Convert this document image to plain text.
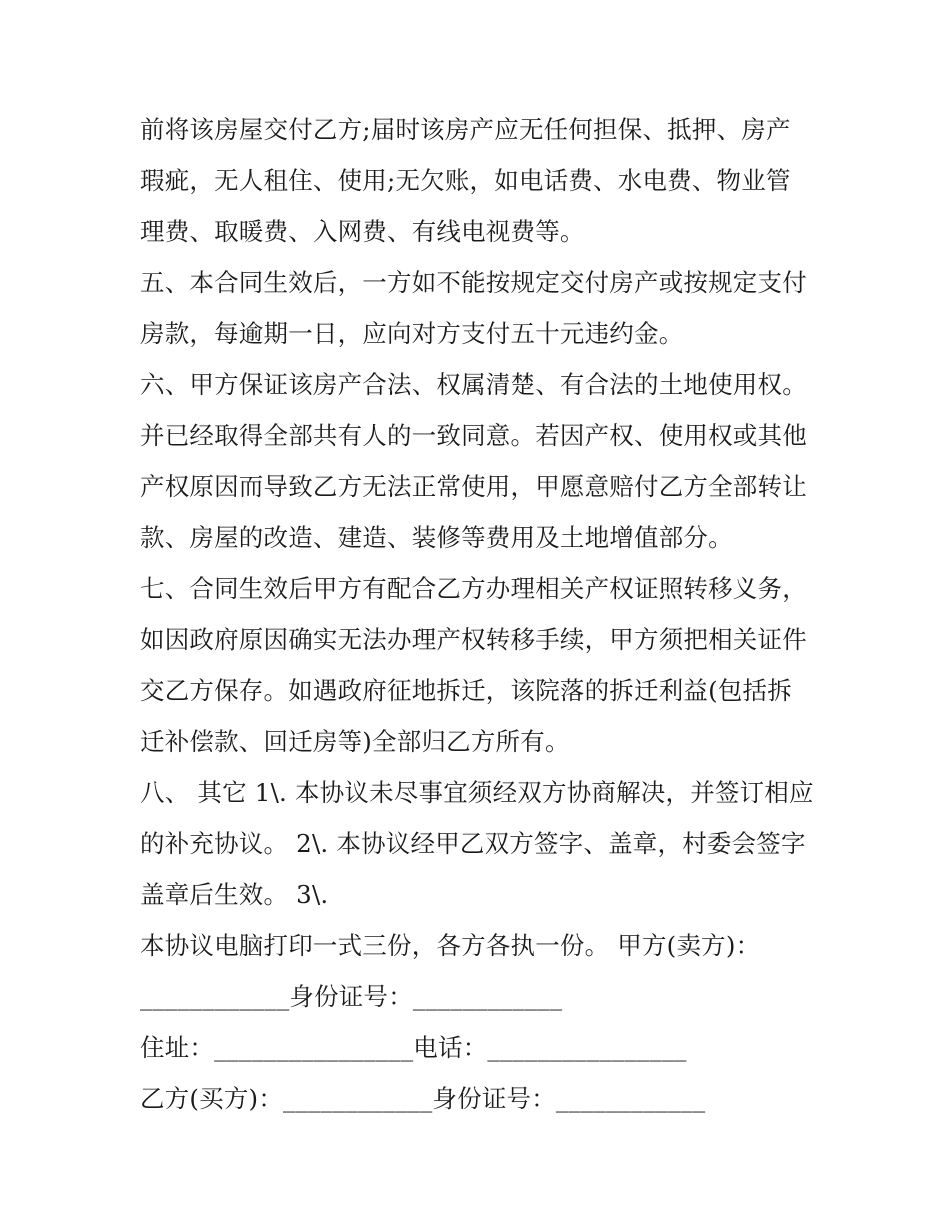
前将该房屋交付乙方;届时该房产应无任何担保、抵押、房产
瑕疵，无人租住、使用;无欠账，如电话费、水电费、物业管
理费、取暖费、入网费、有线电视费等。
五、本合同生效后，一方如不能按规定交付房产或按规定支付
房款，每逾期一日，应向对方支付五十元违约金。
六、甲方保证该房产合法、权属清楚、有合法的土地使用权。
并已经取得全部共有人的一致同意。若因产权、使用权或其他
产权原因而导致乙方无法正常使用，甲愿意赔付乙方全部转让
款、房屋的改造、建造、装修等费用及土地增值部分。
七、合同生效后甲方有配合乙方办理相关产权证照转移义务，
如因政府原因确实无法办理产权转移手续，甲方须把相关证件
交乙方保存。如遇政府征地拆迁，该院落的拆迁利益(包括拆
迁补偿款、回迁房等)全部归乙方所有。
八、 其它 1\. 本协议未尽事宜须经双方协商解决，并签订相应
的补充协议。 2\. 本协议经甲乙双方签字、盖章，村委会签字
盖章后生效。 3\.
本协议电脑打印一式三份，各方各执一份。 甲方(卖方)：
____________身份证号：____________
住址：________________电话：________________
乙方(买方)：____________身份证号：____________
